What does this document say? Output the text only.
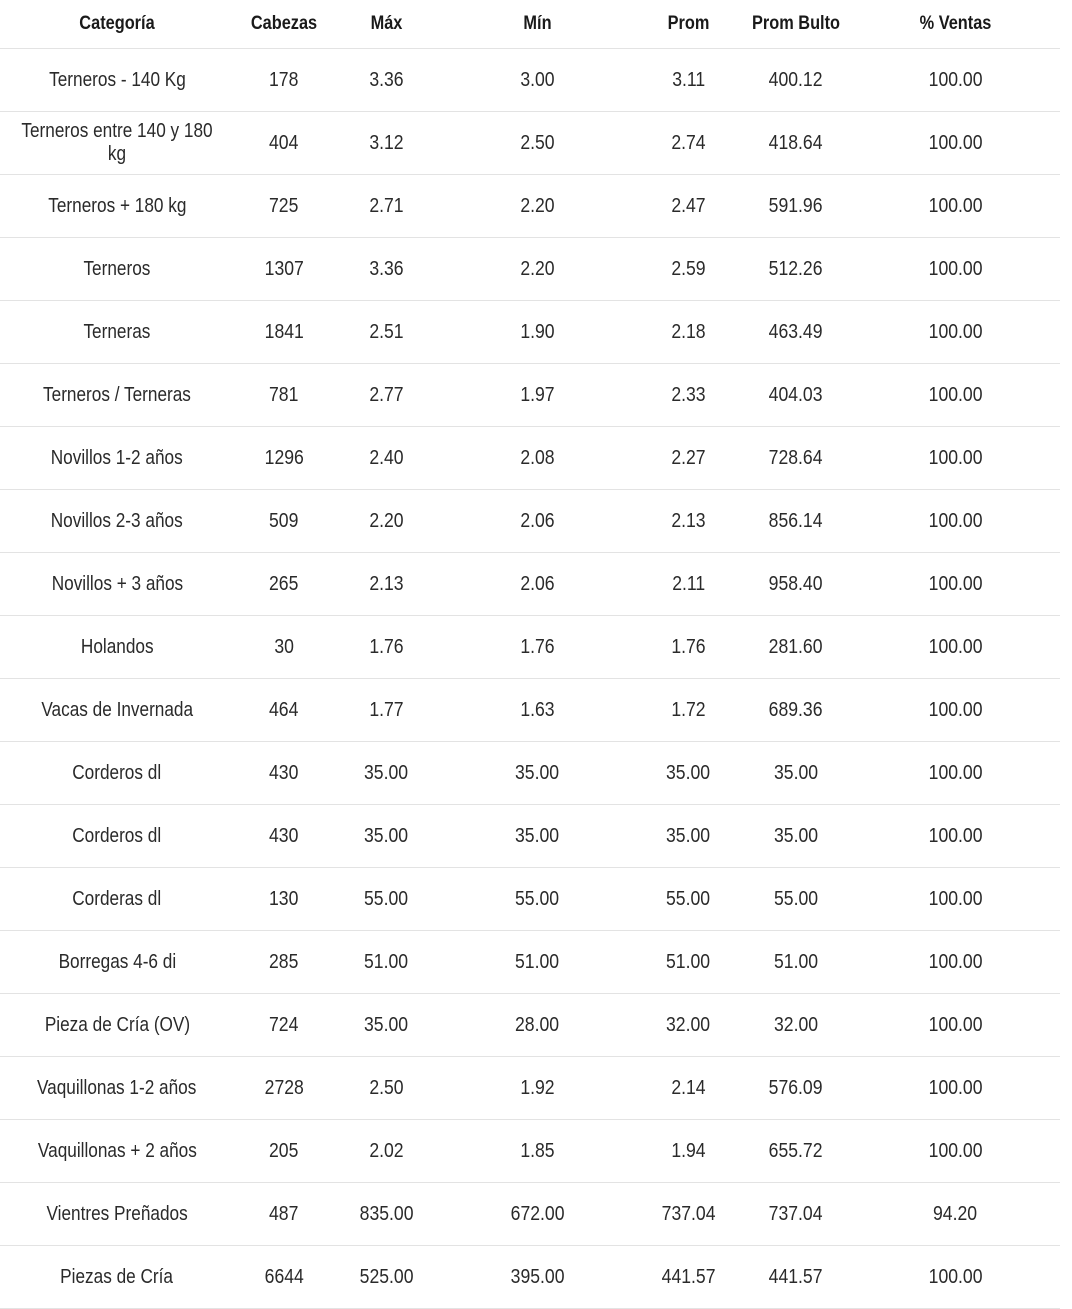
Categoría	Cabezas	Máx	Mín	Prom	Prom Bulto	% Ventas
Terneros - 140 Kg	178	3.36	3.00	3.11	400.12	100.00
Terneros entre 140 y 180 kg	404	3.12	2.50	2.74	418.64	100.00
Terneros + 180 kg	725	2.71	2.20	2.47	591.96	100.00
Terneros	1307	3.36	2.20	2.59	512.26	100.00
Terneras	1841	2.51	1.90	2.18	463.49	100.00
Terneros / Terneras	781	2.77	1.97	2.33	404.03	100.00
Novillos 1-2 años	1296	2.40	2.08	2.27	728.64	100.00
Novillos 2-3 años	509	2.20	2.06	2.13	856.14	100.00
Novillos + 3 años	265	2.13	2.06	2.11	958.40	100.00
Holandos	30	1.76	1.76	1.76	281.60	100.00
Vacas de Invernada	464	1.77	1.63	1.72	689.36	100.00
Corderos dl	430	35.00	35.00	35.00	35.00	100.00
Corderos dl	430	35.00	35.00	35.00	35.00	100.00
Corderas dl	130	55.00	55.00	55.00	55.00	100.00
Borregas 4-6 di	285	51.00	51.00	51.00	51.00	100.00
Pieza de Cría (OV)	724	35.00	28.00	32.00	32.00	100.00
Vaquillonas 1-2 años	2728	2.50	1.92	2.14	576.09	100.00
Vaquillonas + 2 años	205	2.02	1.85	1.94	655.72	100.00
Vientres Preñados	487	835.00	672.00	737.04	737.04	94.20
Piezas de Cría	6644	525.00	395.00	441.57	441.57	100.00
